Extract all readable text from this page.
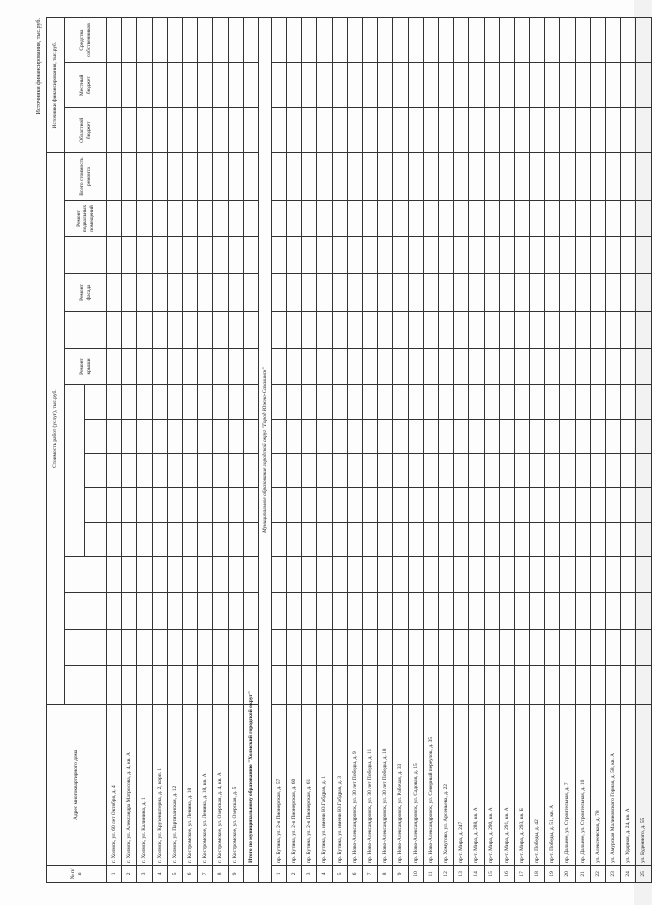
Источники финансирования, тыс.руб.
№ п/п	Адрес многоквартирного дома	Стоимость работ (услуг), тыс.руб.															Источники финансирования, тыс.руб.		
											Ремонт крыши		Ремонт фасада		Ремонт подвальных помещений	Всего стоимость ремонта	Областной бюджет	Местный бюджет	Средства собственников

1	г. Холмск, ул. 60 лет Октября, д. 4																		
2	г. Холмск, ул. Александра Матросова, д. 4, кв. А																		
3	г. Холмск, ул. Калинина, д. 1																		
4	г. Холмск, ул. Крузенштерна, д. 2, корп. 1																		
5	г. Холмск, ул. Партизанская, д. 12																		
6	г. Костромское, ул. Ленина, д. 18																		
7	г. Костромское, ул. Ленина, д. 18, кв. А																		
8	г. Костромское, ул. Озерская, д. 4, кв. А																		
9	г. Костромское, ул. Озерская, д. 5																		
	Итого по муниципальному образованию "Холмский городской округ"																		
Муниципальное образование городской округ "Город Южно-Сахалинск"																			
1	пр. Бутина, ул. 2-я Пионерская, д. 57																		
2	пр. Бутина, ул. 2-я Пионерская, д. 60																		
3	пр. Бутина, ул. 2-я Пионерская, д. 61																		
4	пр. Бутина, ул. имени Ю.Габдрая, д. 1																		
5	пр. Бутина, ул. имени Ю.Габдрая, д. 3																		
6	пр. Ново-Александровск, ул. 30 лет Победы, д. 9																		
7	пр. Ново-Александровск, ул. 30 лет Победы, д. 11																		
8	пр. Ново-Александровск, ул. 30 лет Победы, д. 18																		
9	пр. Ново-Александровск, ул. Рабочая, д. 33																		
10	пр. Ново-Александровск, ул. Садовая, д. 15																		
11	пр. Ново-Александровск, ул. Северный переулок, д. 35																		
12	пр. Хомутово, ул. Арсеньева, д. 22																		
13	пр-т. Мира, д. 247																		
14	пр-т. Мира, д. 288, кв. А																		
15	пр-т. Мира, д. 290, кв. А																		
16	пр-т. Мира, д. 291, кв. А																		
17	пр-т. Мира, д. 293, кв. Б																		
18	пр-т. Победы, д. 42																		
19	пр-т. Победы, д. 51, кв. А																		
20	пр. Дальнее, ул. Строительная, д. 7																		
21	пр. Дальнее, ул. Строительная, д. 10																		
22	ул. Алексеевская, д. 78																		
23	ул. Амурская Малиновского Горная, д. 58, кв. А																		
24	ул. Ударная, д. 24, кв. А																		
25	ул. Буденного, д. 55																		
